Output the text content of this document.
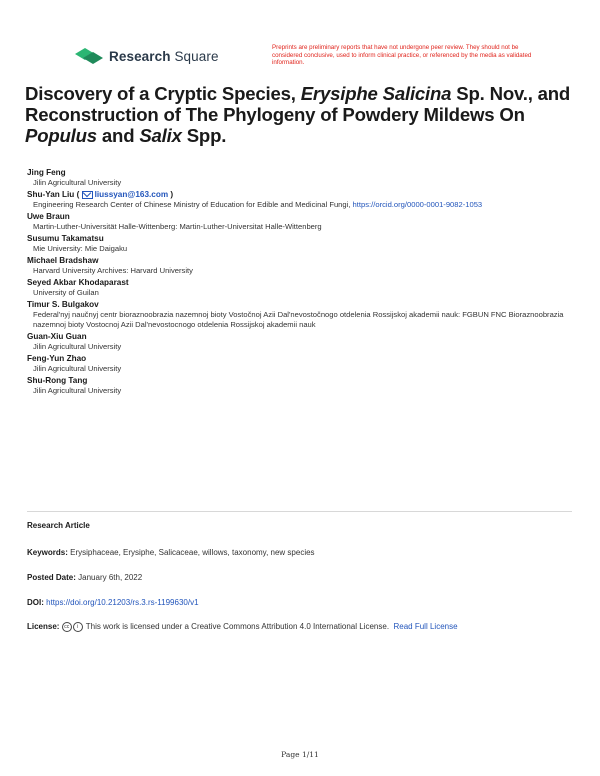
Research Square
Preprints are preliminary reports that have not undergone peer review. They should not be considered conclusive, used to inform clinical practice, or referenced by the media as validated information.
Discovery of a Cryptic Species, Erysiphe Salicina Sp. Nov., and Reconstruction of The Phylogeny of Powdery Mildews On Populus and Salix Spp.
Jing Feng
Jilin Agricultural University
Shu-Yan Liu ( liussyan@163.com )
Engineering Research Center of Chinese Ministry of Education for Edible and Medicinal Fungi, https://orcid.org/0000-0001-9082-1053
Uwe Braun
Martin-Luther-Universität Halle-Wittenberg: Martin-Luther-Universitat Halle-Wittenberg
Susumu Takamatsu
Mie University: Mie Daigaku
Michael Bradshaw
Harvard University Archives: Harvard University
Seyed Akbar Khodaparast
University of Guilan
Timur S. Bulgakov
Federal'nyj naučnyj centr bioraznoobrazia nazemnoj bioty Vostočnoj Azii Dal'nevostočnogo otdelenia Rossijskoj akademii nauk: FGBUN FNC Bioraznoobrazia nazemnoj bioty Vostocnoj Azii Dal'nevostocnogo otdelenia Rossijskoj akademii nauk
Guan-Xiu Guan
Jilin Agricultural University
Feng-Yun Zhao
Jilin Agricultural University
Shu-Rong Tang
Jilin Agricultural University
Research Article
Keywords: Erysiphaceae, Erysiphe, Salicaceae, willows, taxonomy, new species
Posted Date: January 6th, 2022
DOI: https://doi.org/10.21203/rs.3.rs-1199630/v1
License: cc i This work is licensed under a Creative Commons Attribution 4.0 International License. Read Full License
Page 1/11
